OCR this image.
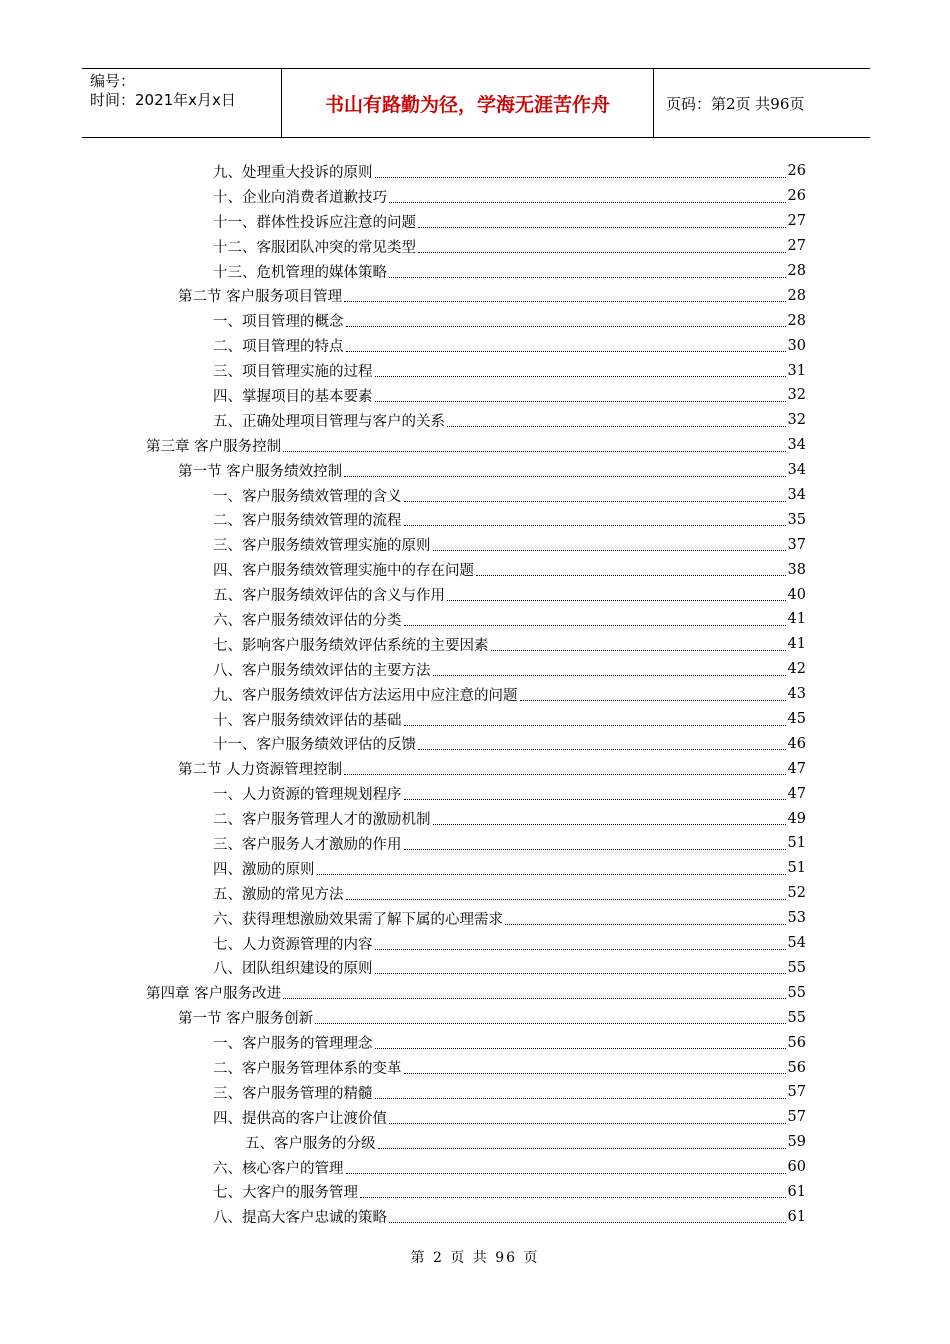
编号：
时间：2021年x月x日	书山有路勤为径，学海无涯苦作舟	页码：第2页 共96页
九、处理重大投诉的原则	26
十、企业向消费者道歉技巧	26
十一、群体性投诉应注意的问题	27
十二、客服团队冲突的常见类型	27
十三、危机管理的媒体策略	28
第二节 客户服务项目管理	28
一、项目管理的概念	28
二、项目管理的特点	30
三、项目管理实施的过程	31
四、掌握项目的基本要素	32
五、正确处理项目管理与客户的关系	32
第三章 客户服务控制	34
第一节 客户服务绩效控制	34
一、客户服务绩效管理的含义	34
二、客户服务绩效管理的流程	35
三、客户服务绩效管理实施的原则	37
四、客户服务绩效管理实施中的存在问题	38
五、客户服务绩效评估的含义与作用	40
六、客户服务绩效评估的分类	41
七、影响客户服务绩效评估系统的主要因素	41
八、客户服务绩效评估的主要方法	42
九、客户服务绩效评估方法运用中应注意的问题	43
十、客户服务绩效评估的基础	45
十一、客户服务绩效评估的反馈	46
第二节 人力资源管理控制	47
一、人力资源的管理规划程序	47
二、客户服务管理人才的激励机制	49
三、客户服务人才激励的作用	51
四、激励的原则	51
五、激励的常见方法	52
六、获得理想激励效果需了解下属的心理需求	53
七、人力资源管理的内容	54
八、团队组织建设的原则	55
第四章 客户服务改进	55
第一节 客户服务创新	55
一、客户服务的管理理念	56
二、客户服务管理体系的变革	56
三、客户服务管理的精髓	57
四、提供高的客户让渡价值	57
五、客户服务的分级	59
六、核心客户的管理	60
七、大客户的服务管理	61
八、提高大客户忠诚的策略	61
第 2 页 共 96 页
